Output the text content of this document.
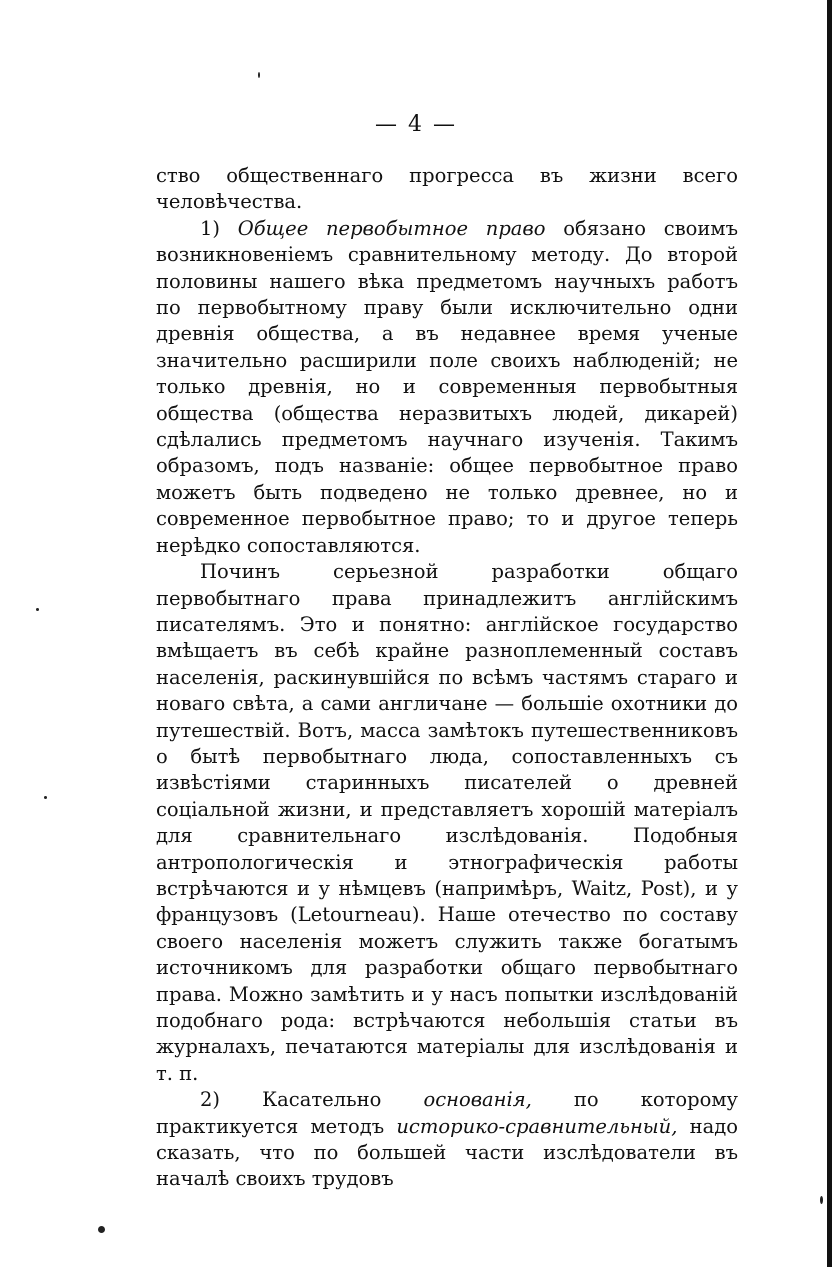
— 4 —

ство общественнаго прогресса въ жизни всего человѣчества.

1) Общее первобытное право обязано своимъ возникновеніемъ сравнительному методу. До второй половины нашего вѣка предметомъ научныхъ работъ по первобытному праву были исключительно одни древнія общества, а въ недавнее время ученые значительно расширили поле своихъ наблюденій; не только древнія, но и современныя первобытныя общества (общества неразвитыхъ людей, дикарей) сдѣлались предметомъ научнаго изученія. Такимъ образомъ, подъ названіе: общее первобытное право можетъ быть подведено не только древнее, но и современное первобытное право; то и другое теперь нерѣдко сопоставляются.

Починъ серьезной разработки общаго первобытнаго права принадлежитъ англійскимъ писателямъ. Это и понятно: англійское государство вмѣщаетъ въ себѣ крайне разноплеменный составъ населенія, раскинувшійся по всѣмъ частямъ стараго и новаго свѣта, а сами англичане — большіе охотники до путешествій. Вотъ, масса замѣтокъ путешественниковъ о бытѣ первобытнаго люда, сопоставленныхъ съ извѣстіями старинныхъ писателей о древней соціальной жизни, и представляетъ хорошій матеріалъ для сравнительнаго изслѣдованія. Подобныя антропологическія и этнографическія работы встрѣчаются и у нѣмцевъ (напримѣръ, Waitz, Post), и у французовъ (Letourneau). Наше отечество по составу своего населенія можетъ служить также богатымъ источникомъ для разработки общаго первобытнаго права. Можно замѣтить и у насъ попытки изслѣдованій подобнаго рода: встрѣчаются небольшія статьи въ журналахъ, печатаются матеріалы для изслѣдованія и т. п.

2) Касательно основанія, по которому практикуется методъ историко-сравнительный, надо сказать, что по большей части изслѣдователи въ началѣ своихъ трудовъ
